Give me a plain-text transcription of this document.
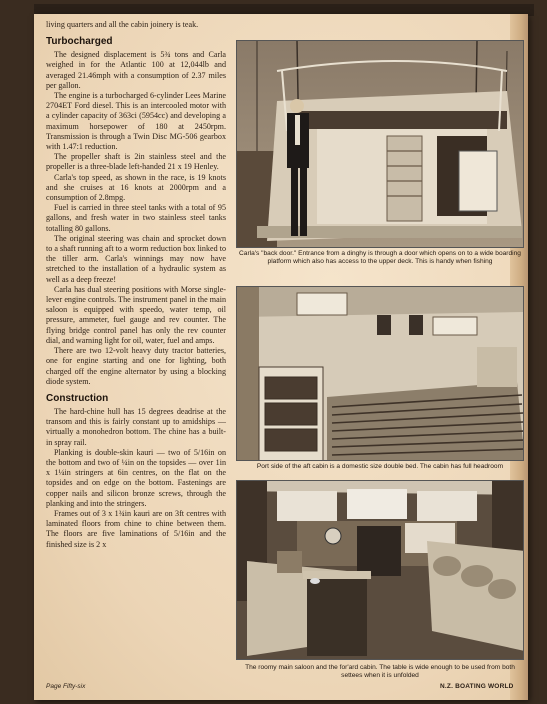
living quarters and all the cabin joinery is teak.

Turbocharged

The designed displacement is 5¾ tons and Carla weighed in for the Atlantic 100 at 12,044lb and averaged 21.46mph with a consumption of 2.37 miles per gallon.

The engine is a turbocharged 6-cylinder Lees Marine 2704ET Ford diesel. This is an intercooled motor with a cylinder capacity of 363ci (5954cc) and developing a maximum horsepower of 180 at 2450rpm. Transmission is through a Twin Disc MG-506 gearbox with 1.47:1 reduction.

The propeller shaft is 2in stainless steel and the propeller is a three-blade left-handed 21 x 19 Henley.

Carla's top speed, as shown in the race, is 19 knots and she cruises at 16 knots at 2000rpm and a consumption of 2.8mpg.

Fuel is carried in three steel tanks with a total of 95 gallons, and fresh water in two stainless steel tanks totalling 80 gallons.

The original steering was chain and sprocket down to a shaft running aft to a worm reduction box linked to the tiller arm. Carla's winnings may now have stretched to the installation of a hydraulic system as well as a deep freeze!

Carla has dual steering positions with Morse single-lever engine controls. The instrument panel in the main saloon is equipped with speedo, water temp, oil pressure, ammeter, fuel gauge and rev counter. The flying bridge control panel has only the rev counter dial, and warning light for oil, water, fuel and amps.

There are two 12-volt heavy duty tractor batteries, one for engine starting and one for lighting, both charged off the engine alternator by using a blocking diode system.

Construction

The hard-chine hull has 15 degrees deadrise at the transom and this is fairly constant up to amidships — virtually a monohedron bottom. The chine has a built-in spray rail.

Planking is double-skin kauri — two of 5/16in on the bottom and two of ¼in on the topsides — over 1in x 1¼in stringers at 6in centres, on the flat on the topsides and on edge on the bottom. Fastenings are copper nails and silicon bronze screws, through the planking and into the stringers.

Frames out of 3 x 1¾in kauri are on 3ft centres with laminated floors from chine to chine between them. The floors are five laminations of 5/16in and the finished size is 2 x

Carla's "back door." Entrance from a dinghy is through a door which opens on to a wide boarding platform which also has access to the upper deck. This is handy when fishing
Port side of the aft cabin is a domestic size double bed. The cabin has full headroom
The roomy main saloon and the for'ard cabin. The table is wide enough to be used from both settees when it is unfolded
Page Fifty-six	N.Z. BOATING WORLD
